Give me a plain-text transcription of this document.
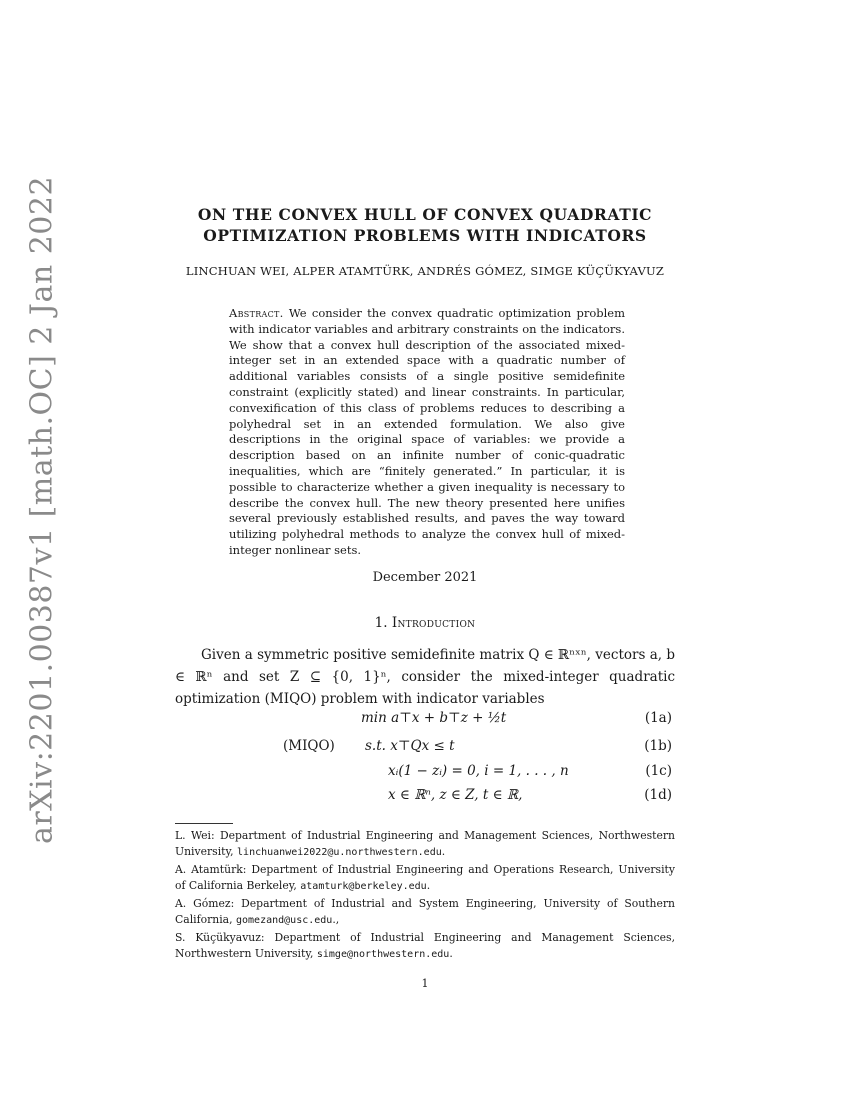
arXiv:2201.00387v1 [math.OC] 2 Jan 2022	ON THE CONVEX HULL OF CONVEX QUADRATIC
OPTIMIZATION PROBLEMS WITH INDICATORS
LINCHUAN WEI, ALPER ATAMTÜRK, ANDRÉS GÓMEZ, SIMGE KÜÇÜKYAVUZ
Abstract. We consider the convex quadratic optimization problem with indicator variables and arbitrary constraints on the indicators. We show that a convex hull description of the associated mixed-integer set in an extended space with a quadratic number of additional variables consists of a single positive semidefinite constraint (explicitly stated) and linear constraints. In particular, convexification of this class of problems reduces to describing a polyhedral set in an extended formulation. We also give descriptions in the original space of variables: we provide a description based on an infinite number of conic-quadratic inequalities, which are “finitely generated.” In particular, it is possible to characterize whether a given inequality is necessary to describe the convex hull. The new theory presented here unifies several previously established results, and paves the way toward utilizing polyhedral methods to analyze the convex hull of mixed-integer nonlinear sets.
December 2021
1. Introduction
Given a symmetric positive semidefinite matrix Q ∈ ℝⁿˣⁿ, vectors a, b ∈ ℝⁿ and set Z ⊆ {0, 1}ⁿ, consider the mixed-integer quadratic optimization (MIQO) problem with indicator variables
(MIQO)
min a⊤x + b⊤z + ½t	(1a)
s.t. x⊤Qx ≤ t	(1b)
xᵢ(1 − zᵢ) = 0, i = 1, . . . , n	(1c)
x ∈ ℝⁿ, z ∈ Z, t ∈ ℝ,	(1d)

L. Wei: Department of Industrial Engineering and Management Sciences, Northwestern University, linchuanwei2022@u.northwestern.edu.

A. Atamtürk: Department of Industrial Engineering and Operations Research, University of California Berkeley, atamturk@berkeley.edu.

A. Gómez: Department of Industrial and System Engineering, University of Southern California, gomezand@usc.edu.,

S. Küçükyavuz: Department of Industrial Engineering and Management Sciences, Northwestern University, simge@northwestern.edu.

1
